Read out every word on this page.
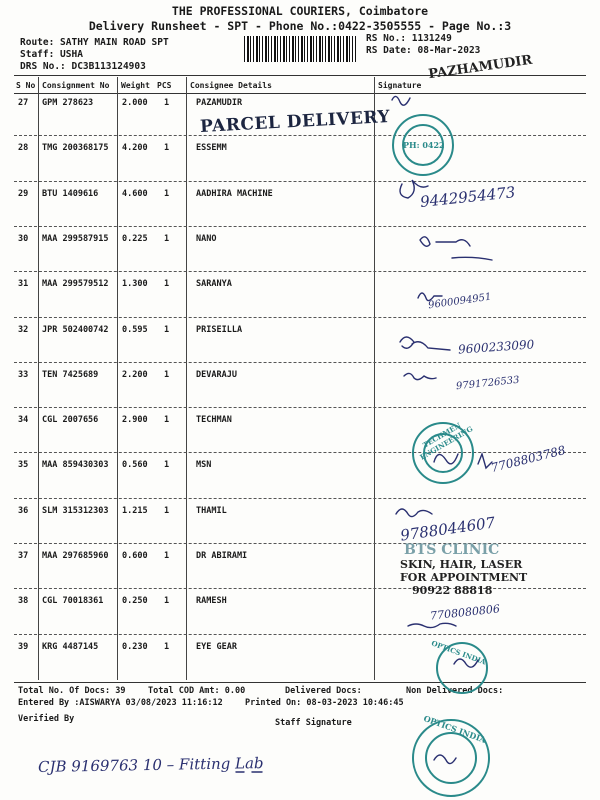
THE PROFESSIONAL COURIERS, Coimbatore
Delivery Runsheet - SPT - Phone No.:0422-3505555 - Page No.:3
Route: SATHY MAIN ROAD SPT
Staff: USHA
DRS No.: DC3B113124903
RS No.: 1131249
RS Date: 08-Mar-2023
S No Consignment No Weight PCS Consignee Details	Signature
27 GPM 278623	2.000 1	PAZAMUDIR
28 TMG 200368175 4.200 1	ESSEMM
29 BTU 1409616	4.600 1	AADHIRA MACHINE
30 MAA 299587915 0.225 1	NANO
31 MAA 299579512 1.300 1	SARANYA
32 JPR 502400742 0.595 1	PRISEILLA
33 TEN 7425689	2.200 1	DEVARAJU
34 CGL 2007656	2.900 1	TECHMAN
35 MAA 859430303 0.560 1	MSN
36 SLM 315312303 1.215 1	THAMIL
37 MAA 297685960 0.600 1	DR ABIRAMI
38 CGL 70018361 0.250 1	RAMESH
39 KRG 4487145	0.230 1	EYE GEAR
Total No. Of Docs: 39	Total COD Amt: 0.00	Delivered Docs:	Non Delivered Docs:
Entered By :AISWARYA 03/08/2023 11:16:12	Printed On: 08-03-2023 10:46:45
Verified By	Staff Signature
PARCEL DELIVERY
PAZHAMUDIR
PH: 0422
TECHMEN ENGINEERING
BTS CLINIC
SKIN, HAIR, LASER
FOR APPOINTMENT
90922 88818
OPTICS INDIA
OPTICS INDIA
9442954473
9600094951
9600233090
9791726533
7708803788
9788044607
7708080806
CJB 9169763 10 – Fitting Lab
